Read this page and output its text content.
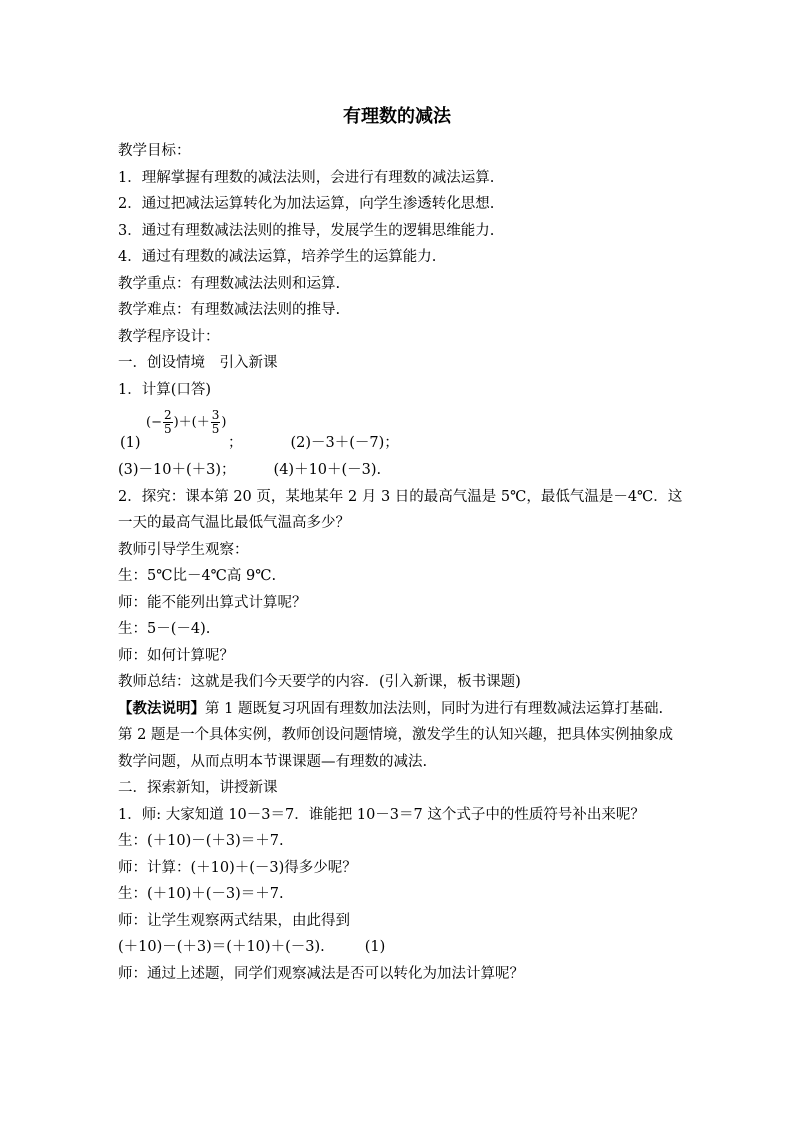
有理数的减法
教学目标：
1．理解掌握有理数的减法法则，会进行有理数的减法运算.
2．通过把减法运算转化为加法运算，向学生渗透转化思想.
3．通过有理数减法法则的推导，发展学生的逻辑思维能力.
4．通过有理数的减法运算，培养学生的运算能力.
教学重点：有理数减法法则和运算.
教学难点：有理数减法法则的推导.
教学程序设计：
一．创设情境　引入新课
1．计算(口答)
(1)
(− $\frac{2}{5}$ )＋(＋ $\frac{3}{5}$ )
；	(2)－3＋(－7)；
(3)－10＋(＋3)；	(4)＋10＋(－3).
2．探究：课本第 20 页，某地某年 2 月 3 日的最高气温是 5℃，最低气温是－4℃．这一天的最高气温比最低气温高多少？
教师引导学生观察：
生：5℃比－4℃高 9℃.
师：能不能列出算式计算呢？
生：5－(－4).
师：如何计算呢？
教师总结：这就是我们今天要学的内容．(引入新课，板书课题)
【教法说明】第 1 题既复习巩固有理数加法法则，同时为进行有理数减法运算打基础.
第 2 题是一个具体实例，教师创设问题情境，激发学生的认知兴趣，把具体实例抽象成数学问题，从而点明本节课课题—有理数的减法.
二．探索新知，讲授新课
1．师: 大家知道 10－3＝7．谁能把 10－3＝7 这个式子中的性质符号补出来呢？
生：(＋10)－(＋3)＝＋7.
师：计算：(＋10)＋(－3)得多少呢？
生：(＋10)＋(－3)＝＋7.
师：让学生观察两式结果，由此得到
(＋10)－(＋3)＝(＋10)＋(－3).	(1)
师：通过上述题，同学们观察减法是否可以转化为加法计算呢？
